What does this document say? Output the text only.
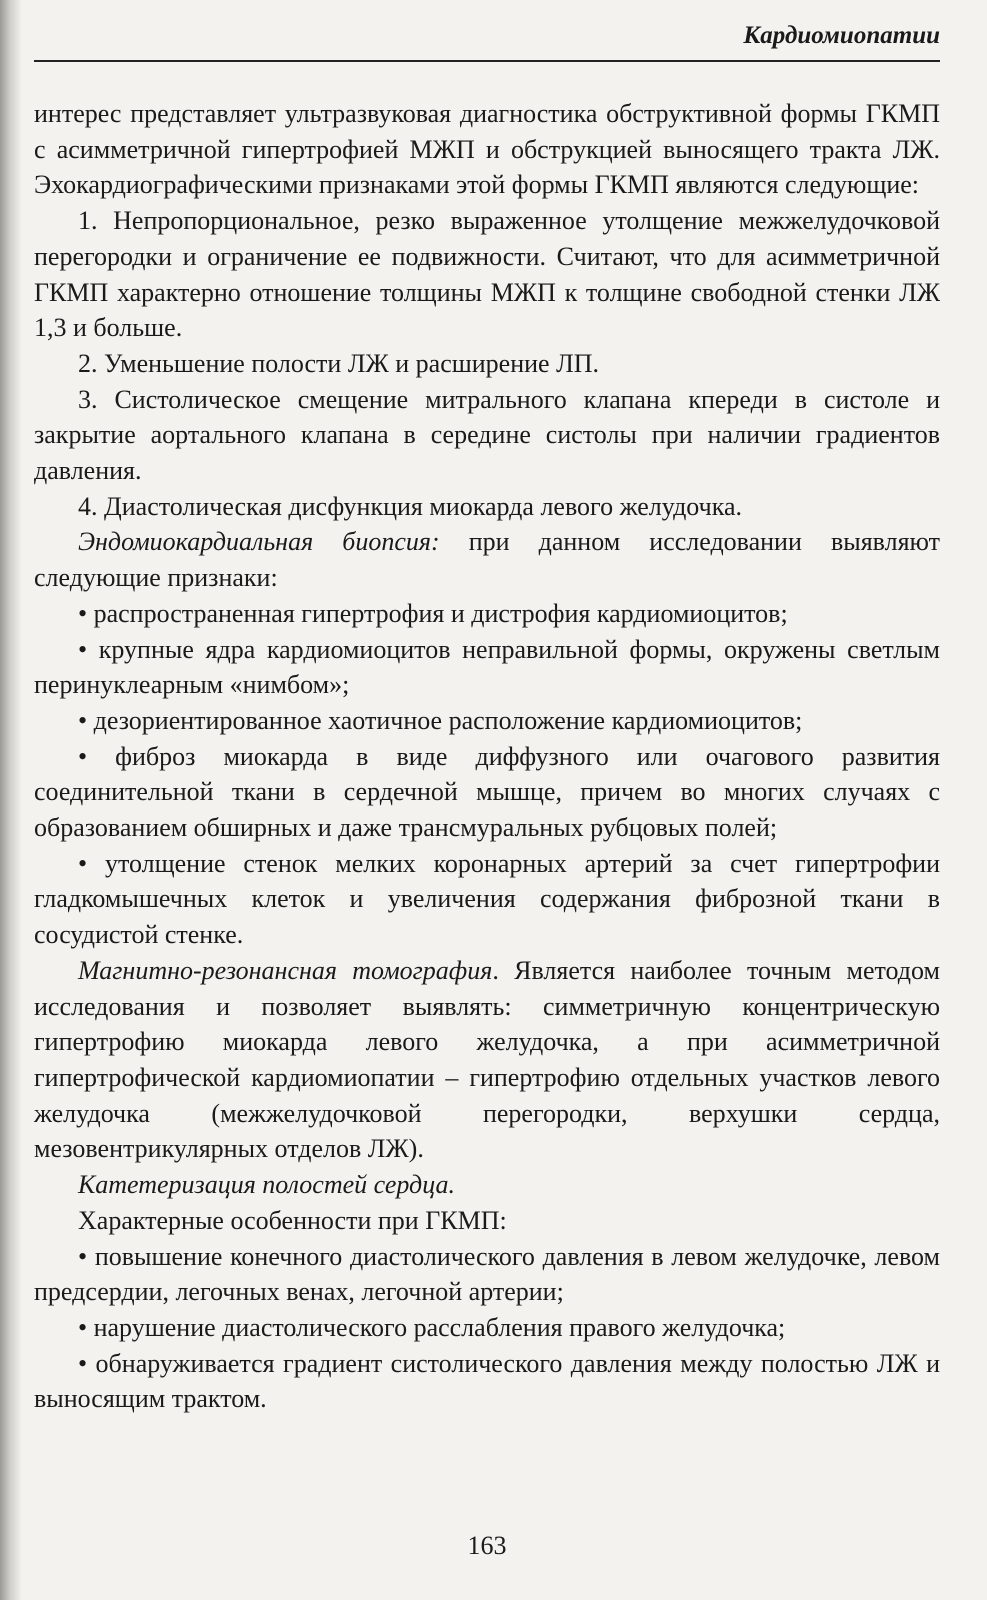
Кардиомиопатии

интерес представляет ультразвуковая диагностика обструктивной формы ГКМП с асимметричной гипертрофией МЖП и обструкцией выносящего тракта ЛЖ. Эхокардиографическими признаками этой формы ГКМП являются следующие:

1. Непропорциональное, резко выраженное утолщение межжелудочковой перегородки и ограничение ее подвижности. Считают, что для асимметричной ГКМП характерно отношение толщины МЖП к толщине свободной стенки ЛЖ 1,3 и больше.

2. Уменьшение полости ЛЖ и расширение ЛП.

3. Систолическое смещение митрального клапана кпереди в систоле и закрытие аортального клапана в середине систолы при наличии градиентов давления.

4. Диастолическая дисфункция миокарда левого желудочка.

Эндомиокардиальная биопсия: при данном исследовании выявляют следующие признаки:

• распространенная гипертрофия и дистрофия кардиомиоцитов;

• крупные ядра кардиомиоцитов неправильной формы, окружены светлым перинуклеарным «нимбом»;

• дезориентированное хаотичное расположение кардиомиоцитов;

• фиброз миокарда в виде диффузного или очагового развития соединительной ткани в сердечной мышце, причем во многих случаях с образованием обширных и даже трансмуральных рубцовых полей;

• утолщение стенок мелких коронарных артерий за счет гипертрофии гладкомышечных клеток и увеличения содержания фиброзной ткани в сосудистой стенке.

Магнитно-резонансная томография. Является наиболее точным методом исследования и позволяет выявлять: симметричную концентрическую гипертрофию миокарда левого желудочка, а при асимметричной гипертрофической кардиомиопатии – гипертрофию отдельных участков левого желудочка (межжелудочковой перегородки, верхушки сердца, мезовентрикулярных отделов ЛЖ).

Катетеризация полостей сердца.

Характерные особенности при ГКМП:

• повышение конечного диастолического давления в левом желудочке, левом предсердии, легочных венах, легочной артерии;

• нарушение диастолического расслабления правого желудочка;

• обнаруживается градиент систолического давления между полостью ЛЖ и выносящим трактом.

163
